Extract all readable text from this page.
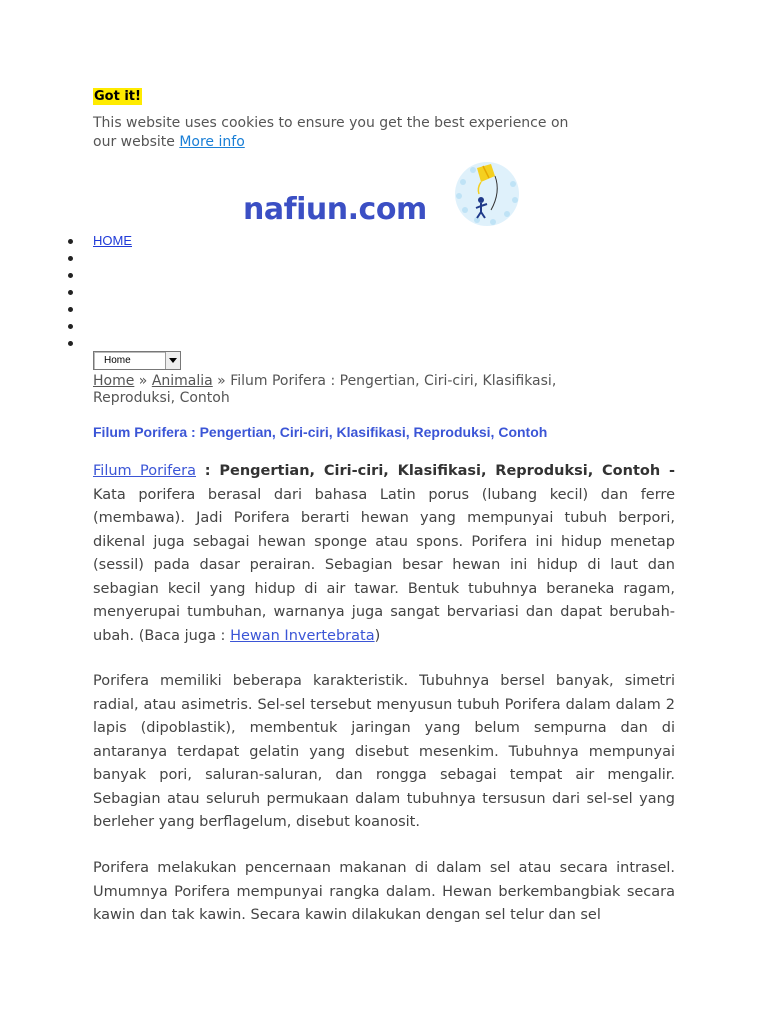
Got it!
This website uses cookies to ensure you get the best experience on our website More info
nafiun.com
HOME
Home
Home » Animalia » Filum Porifera : Pengertian, Ciri-ciri, Klasifikasi, Reproduksi, Contoh
Filum Porifera : Pengertian, Ciri-ciri, Klasifikasi, Reproduksi, Contoh
Filum Porifera : Pengertian, Ciri-ciri, Klasifikasi, Reproduksi, Contoh - Kata porifera berasal dari bahasa Latin porus (lubang kecil) dan ferre (membawa). Jadi Porifera berarti hewan yang mempunyai tubuh berpori, dikenal juga sebagai hewan sponge atau spons. Porifera ini hidup menetap (sessil) pada dasar perairan. Sebagian besar hewan ini hidup di laut dan sebagian kecil yang hidup di air tawar. Bentuk tubuhnya beraneka ragam, menyerupai tumbuhan, warnanya juga sangat bervariasi dan dapat berubah-ubah. (Baca juga : Hewan Invertebrata)
Porifera memiliki beberapa karakteristik. Tubuhnya bersel banyak, simetri radial, atau asimetris. Sel-sel tersebut menyusun tubuh Porifera dalam dalam 2 lapis (dipoblastik), membentuk jaringan yang belum sempurna dan di antaranya terdapat gelatin yang disebut mesenkim. Tubuhnya mempunyai banyak pori, saluran-saluran, dan rongga sebagai tempat air mengalir. Sebagian atau seluruh permukaan dalam tubuhnya tersusun dari sel-sel yang berleher yang berflagelum, disebut koanosit.
Porifera melakukan pencernaan makanan di dalam sel atau secara intrasel. Umumnya Porifera mempunyai rangka dalam. Hewan berkembangbiak secara kawin dan tak kawin. Secara kawin dilakukan dengan sel telur dan sel
